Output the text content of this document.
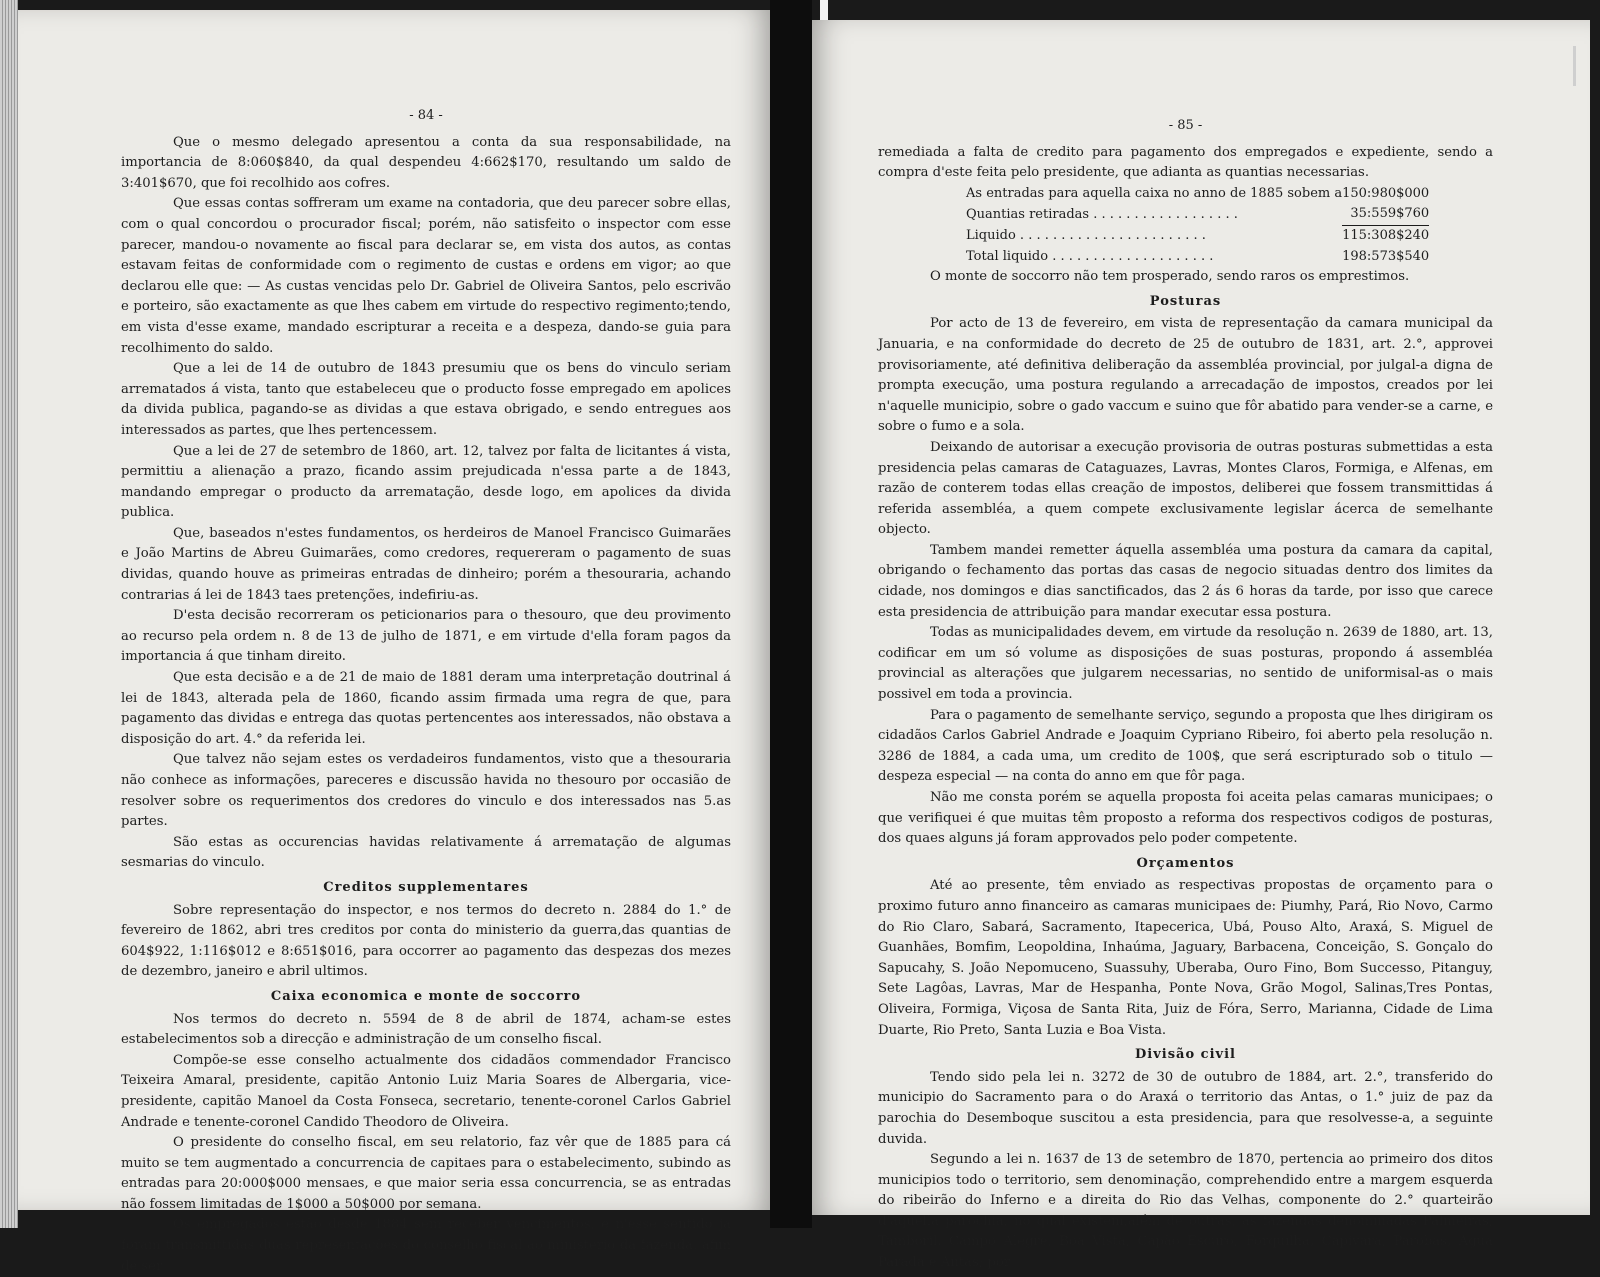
- 84 -

Que o mesmo delegado apresentou a conta da sua responsabilidade, na importancia de 8:060$840, da qual despendeu 4:662$170, resultando um saldo de 3:401$670, que foi recolhido aos cofres.

Que essas contas soffreram um exame na contadoria, que deu parecer sobre ellas, com o qual concordou o procurador fiscal; porém, não satisfeito o inspector com esse parecer, mandou-o novamente ao fiscal para declarar se, em vista dos autos, as contas estavam feitas de conformidade com o regimento de custas e ordens em vigor; ao que declarou elle que: — As custas vencidas pelo Dr. Gabriel de Oliveira Santos, pelo escrivão e porteiro, são exactamente as que lhes cabem em virtude do respectivo regimento;tendo, em vista d'esse exame, mandado escripturar a receita e a despeza, dando-se guia para recolhimento do saldo.

Que a lei de 14 de outubro de 1843 presumiu que os bens do vinculo seriam arrematados á vista, tanto que estabeleceu que o producto fosse empregado em apolices da divida publica, pagando-se as dividas a que estava obrigado, e sendo entregues aos interessados as partes, que lhes pertencessem.

Que a lei de 27 de setembro de 1860, art. 12, talvez por falta de licitantes á vista, permittiu a alienação a prazo, ficando assim prejudicada n'essa parte a de 1843, mandando empregar o producto da arrematação, desde logo, em apolices da divida publica.

Que, baseados n'estes fundamentos, os herdeiros de Manoel Francisco Guimarães e João Martins de Abreu Guimarães, como credores, requereram o pagamento de suas dividas, quando houve as primeiras entradas de dinheiro; porém a thesouraria, achando contrarias á lei de 1843 taes pretenções, indefiriu-as.

D'esta decisão recorreram os peticionarios para o thesouro, que deu provimento ao recurso pela ordem n. 8 de 13 de julho de 1871, e em virtude d'ella foram pagos da importancia á que tinham direito.

Que esta decisão e a de 21 de maio de 1881 deram uma interpretação doutrinal á lei de 1843, alterada pela de 1860, ficando assim firmada uma regra de que, para pagamento das dividas e entrega das quotas pertencentes aos interessados, não obstava a disposição do art. 4.° da referida lei.

Que talvez não sejam estes os verdadeiros fundamentos, visto que a thesouraria não conhece as informações, pareceres e discussão havida no thesouro por occasião de resolver sobre os requerimentos dos credores do vinculo e dos interessados nas 5.as partes.

São estas as occurencias havidas relativamente á arrematação de algumas sesmarias do vinculo.

Creditos supplementares

Sobre representação do inspector, e nos termos do decreto n. 2884 do 1.° de fevereiro de 1862, abri tres creditos por conta do ministerio da guerra,das quantias de 604$922, 1:116$012 e 8:651$016, para occorrer ao pagamento das despezas dos mezes de dezembro, janeiro e abril ultimos.

Caixa economica e monte de soccorro

Nos termos do decreto n. 5594 de 8 de abril de 1874, acham-se estes estabelecimentos sob a direcção e administração de um conselho fiscal.

Compõe-se esse conselho actualmente dos cidadãos commendador Francisco Teixeira Amaral, presidente, capitão Antonio Luiz Maria Soares de Albergaria, vice-presidente, capitão Manoel da Costa Fonseca, secretario, tenente-coronel Carlos Gabriel Andrade e tenente-coronel Candido Theodoro de Oliveira.

O presidente do conselho fiscal, em seu relatorio, faz vêr que de 1885 para cá muito se tem augmentado a concurrencia de capitaes para o estabelecimento, subindo as entradas para 20:000$000 mensaes, e que maior seria essa concurrencia, se as entradas não fossem limitadas de 1$000 a 50$000 por semana.

Os empregados estão desde 1884 sem receber vencimentos, e n'esse sentido já foram transmittidas duas representações do conselho fiscal ao ministerio da fazenda, afim de ser

- 85 -

remediada a falta de credito para pagamento dos empregados e expediente, sendo a compra d'este feita pelo presidente, que adianta as quantias necessarias.

As entradas para aquella caixa no anno de 1885 sobem a	150:980$000
Quantias retiradas . . . . . . . . . . . . . . . . . .	35:559$760
Liquido . . . . . . . . . . . . . . . . . . . . . . .	115:308$240
Total liquido . . . . . . . . . . . . . . . . . . . .	198:573$540

O monte de soccorro não tem prosperado, sendo raros os emprestimos.

Posturas

Por acto de 13 de fevereiro, em vista de representação da camara municipal da Januaria, e na conformidade do decreto de 25 de outubro de 1831, art. 2.°, approvei provisoriamente, até definitiva deliberação da assembléa provincial, por julgal-a digna de prompta execução, uma postura regulando a arrecadação de impostos, creados por lei n'aquelle municipio, sobre o gado vaccum e suino que fôr abatido para vender-se a carne, e sobre o fumo e a sola.

Deixando de autorisar a execução provisoria de outras posturas submettidas a esta presidencia pelas camaras de Cataguazes, Lavras, Montes Claros, Formiga, e Alfenas, em razão de conterem todas ellas creação de impostos, deliberei que fossem transmittidas á referida assembléa, a quem compete exclusivamente legislar ácerca de semelhante objecto.

Tambem mandei remetter áquella assembléa uma postura da camara da capital, obrigando o fechamento das portas das casas de negocio situadas dentro dos limites da cidade, nos domingos e dias sanctificados, das 2 ás 6 horas da tarde, por isso que carece esta presidencia de attribuição para mandar executar essa postura.

Todas as municipalidades devem, em virtude da resolução n. 2639 de 1880, art. 13, codificar em um só volume as disposições de suas posturas, propondo á assembléa provincial as alterações que julgarem necessarias, no sentido de uniformisal-as o mais possivel em toda a provincia.

Para o pagamento de semelhante serviço, segundo a proposta que lhes dirigiram os cidadãos Carlos Gabriel Andrade e Joaquim Cypriano Ribeiro, foi aberto pela resolução n. 3286 de 1884, a cada uma, um credito de 100$, que será escripturado sob o titulo — despeza especial — na conta do anno em que fôr paga.

Não me consta porém se aquella proposta foi aceita pelas camaras municipaes; o que verifiquei é que muitas têm proposto a reforma dos respectivos codigos de posturas, dos quaes alguns já foram approvados pelo poder competente.

Orçamentos

Até ao presente, têm enviado as respectivas propostas de orçamento para o proximo futuro anno financeiro as camaras municipaes de: Piumhy, Pará, Rio Novo, Carmo do Rio Claro, Sabará, Sacramento, Itapecerica, Ubá, Pouso Alto, Araxá, S. Miguel de Guanhães, Bomfim, Leopoldina, Inhaúma, Jaguary, Barbacena, Conceição, S. Gonçalo do Sapucahy, S. João Nepomuceno, Suassuhy, Uberaba, Ouro Fino, Bom Successo, Pitanguy, Sete Lagôas, Lavras, Mar de Hespanha, Ponte Nova, Grão Mogol, Salinas,Tres Pontas, Oliveira, Formiga, Viçosa de Santa Rita, Juiz de Fóra, Serro, Marianna, Cidade de Lima Duarte, Rio Preto, Santa Luzia e Boa Vista.

Divisão civil

Tendo sido pela lei n. 3272 de 30 de outubro de 1884, art. 2.°, transferido do municipio do Sacramento para o do Araxá o territorio das Antas, o 1.° juiz de paz da parochia do Desemboque suscitou a esta presidencia, para que resolvesse-a, a seguinte duvida.

Segundo a lei n. 1637 de 13 de setembro de 1870, pertencia ao primeiro dos ditos municipios todo o territorio, sem denominação, comprehendido entre a margem esquerda do ribeirão do Inferno e a direita do Rio das Velhas, componente do 2.° quarteirão d'aquella parochia, no qual existem,além de outras, as fazendas denominadas Palmeiras, Tamboril, Campo Alegre, Boa Vista, Capão Escuro, Forquilha, Capivara, Parobas, Agua Parada e Antas; por
